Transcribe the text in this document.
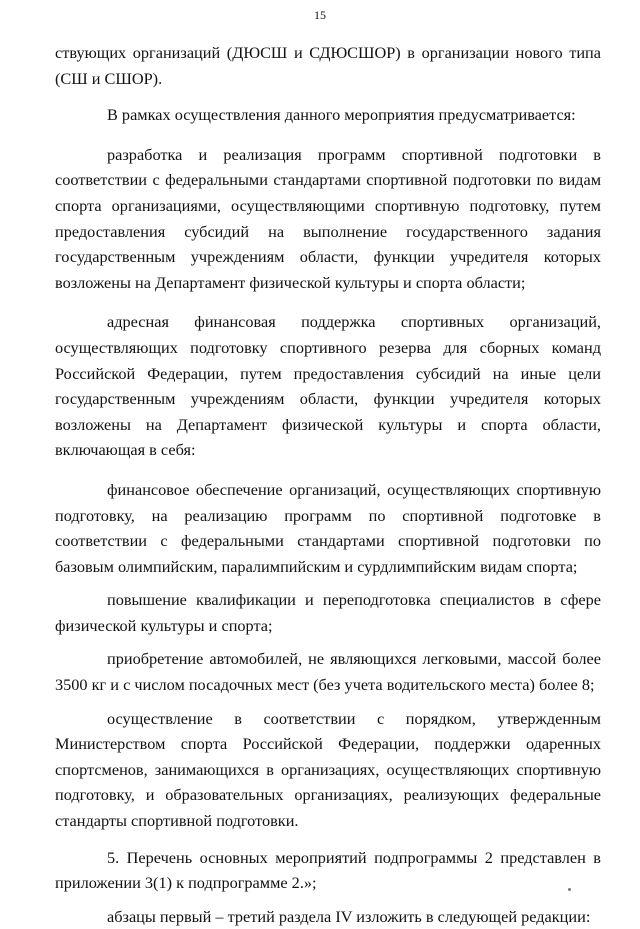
15

ствующих организаций (ДЮСШ и СДЮСШОР) в организации нового типа (СШ и СШОР).

В рамках осуществления данного мероприятия предусматривается:

разработка и реализация программ спортивной подготовки в соответствии с федеральными стандартами спортивной подготовки по видам спорта организациями, осуществляющими спортивную подготовку, путем предоставления субсидий на выполнение государственного задания государственным учреждениям области, функции учредителя которых возложены на Департамент физической культуры и спорта области;

адресная финансовая поддержка спортивных организаций, осуществляющих подготовку спортивного резерва для сборных команд Российской Федерации, путем предоставления субсидий на иные цели государственным учреждениям области, функции учредителя которых возложены на Департамент физической культуры и спорта области, включающая в себя:

финансовое обеспечение организаций, осуществляющих спортивную подготовку, на реализацию программ по спортивной подготовке в соответствии с федеральными стандартами спортивной подготовки по базовым олимпийским, паралимпийским и сурдлимпийским видам спорта;

повышение квалификации и переподготовка специалистов в сфере физической культуры и спорта;

приобретение автомобилей, не являющихся легковыми, массой более 3500 кг и с числом посадочных мест (без учета водительского места) более 8;

осуществление в соответствии с порядком, утвержденным Министерством спорта Российской Федерации, поддержки одаренных спортсменов, занимающихся в организациях, осуществляющих спортивную подготовку, и образовательных организациях, реализующих федеральные стандарты спортивной подготовки.

5. Перечень основных мероприятий подпрограммы 2 представлен в приложении 3(1) к подпрограмме 2.»;

абзацы первый – третий раздела IV изложить в следующей редакции:
